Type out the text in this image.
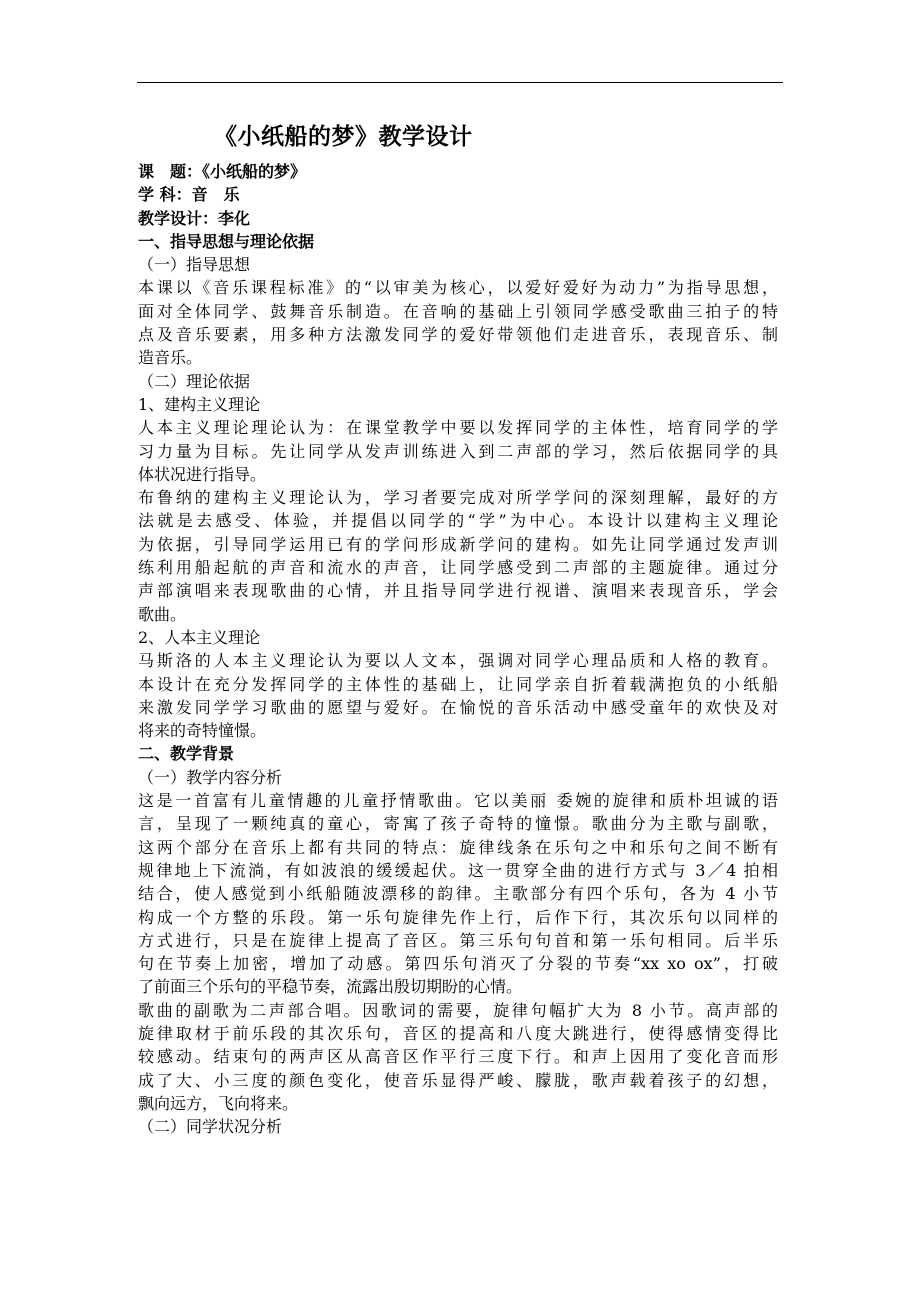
《小纸船的梦》教学设计
课　题：《小纸船的梦》
学 科：音　乐
教学设计：李化
一、指导思想与理论依据
（一）指导思想
本课以《音乐课程标准》的“以审美为核心，以爱好爱好为动力”为指导思想，
面对全体同学、鼓舞音乐制造。在音响的基础上引领同学感受歌曲三拍子的特
点及音乐要素，用多种方法激发同学的爱好带领他们走进音乐，表现音乐、制
造音乐。
（二）理论依据
1、建构主义理论
人本主义理论理论认为：在课堂教学中要以发挥同学的主体性，培育同学的学
习力量为目标。先让同学从发声训练进入到二声部的学习，然后依据同学的具
体状况进行指导。
布鲁纳的建构主义理论认为，学习者要完成对所学学问的深刻理解，最好的方
法就是去感受、体验，并提倡以同学的“学”为中心。本设计以建构主义理论
为依据，引导同学运用已有的学问形成新学问的建构。如先让同学通过发声训
练利用船起航的声音和流水的声音，让同学感受到二声部的主题旋律。通过分
声部演唱来表现歌曲的心情，并且指导同学进行视谱、演唱来表现音乐，学会
歌曲。
2、人本主义理论
马斯洛的人本主义理论认为要以人文本，强调对同学心理品质和人格的教育。
本设计在充分发挥同学的主体性的基础上，让同学亲自折着载满抱负的小纸船
来激发同学学习歌曲的愿望与爱好。在愉悦的音乐活动中感受童年的欢快及对
将来的奇特憧憬。
二、教学背景
（一）教学内容分析
这是一首富有儿童情趣的儿童抒情歌曲。它以美丽 委婉的旋律和质朴坦诚的语
言，呈现了一颗纯真的童心，寄寓了孩子奇特的憧憬。歌曲分为主歌与副歌，
这两个部分在音乐上都有共同的特点：旋律线条在乐句之中和乐句之间不断有
规律地上下流淌，有如波浪的缓缓起伏。这一贯穿全曲的进行方式与 3／4 拍相
结合，使人感觉到小纸船随波漂移的韵律。主歌部分有四个乐句，各为 4 小节
构成一个方整的乐段。第一乐句旋律先作上行，后作下行，其次乐句以同样的
方式进行，只是在旋律上提高了音区。第三乐句句首和第一乐句相同。后半乐
句在节奏上加密，增加了动感。第四乐句消灭了分裂的节奏“xx xo ox”，打破
了前面三个乐句的平稳节奏，流露出殷切期盼的心情。
歌曲的副歌为二声部合唱。因歌词的需要，旋律句幅扩大为 8 小节。高声部的
旋律取材于前乐段的其次乐句，音区的提高和八度大跳进行，使得感情变得比
较感动。结束句的两声区从高音区作平行三度下行。和声上因用了变化音而形
成了大、小三度的颜色变化，使音乐显得严峻、朦胧，歌声载着孩子的幻想，
飘向远方，飞向将来。
（二）同学状况分析
